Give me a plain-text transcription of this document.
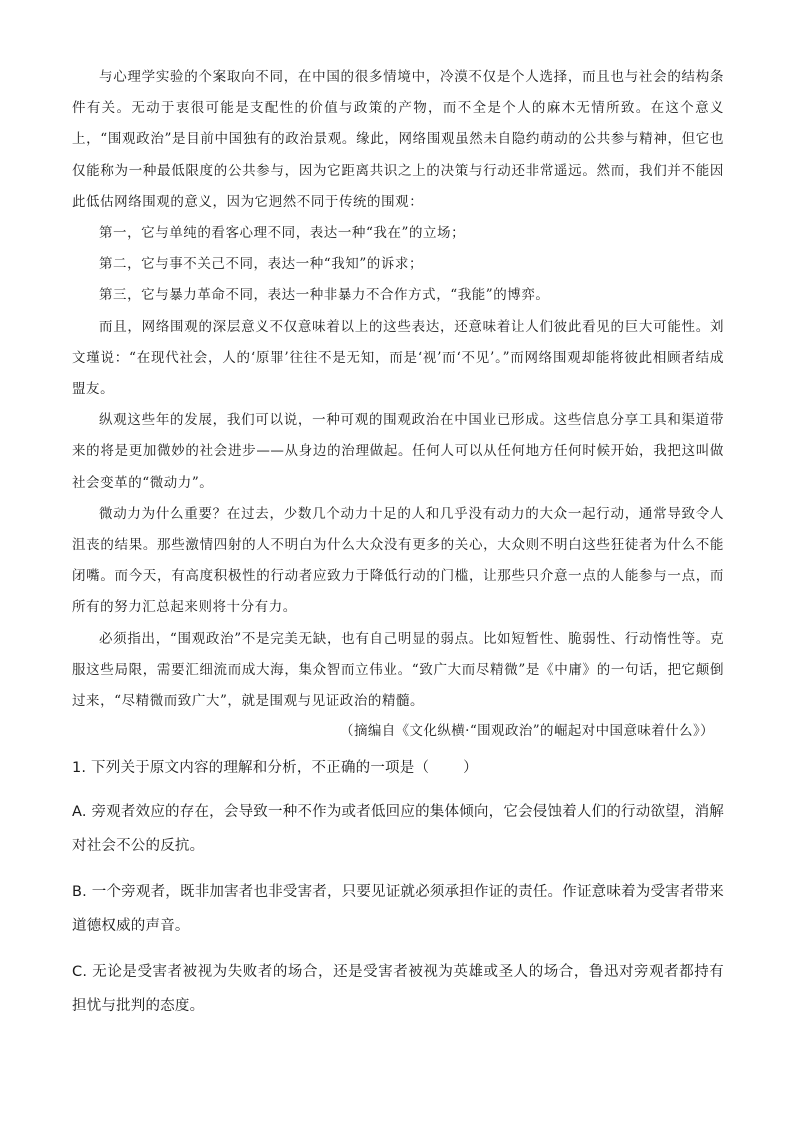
与心理学实验的个案取向不同，在中国的很多情境中，冷漠不仅是个人选择，而且也与社会的结构条件有关。无动于衷很可能是支配性的价值与政策的产物，而不全是个人的麻木无情所致。在这个意义上，“围观政治”是目前中国独有的政治景观。缘此，网络围观虽然未自隐约萌动的公共参与精神，但它也仅能称为一种最低限度的公共参与，因为它距离共识之上的决策与行动还非常遥远。然而，我们并不能因此低估网络围观的意义，因为它迥然不同于传统的围观：

第一，它与单纯的看客心理不同，表达一种“我在”的立场；

第二，它与事不关己不同，表达一种“我知”的诉求；

第三，它与暴力革命不同，表达一种非暴力不合作方式，“我能”的博弈。

而且，网络围观的深层意义不仅意味着以上的这些表达，还意味着让人们彼此看见的巨大可能性。刘文瑾说：“在现代社会，人的‘原罪’往往不是无知，而是‘视’而‘不见’。”而网络围观却能将彼此相顾者结成盟友。

纵观这些年的发展，我们可以说，一种可观的围观政治在中国业已形成。这些信息分享工具和渠道带来的将是更加微妙的社会进步——从身边的治理做起。任何人可以从任何地方任何时候开始，我把这叫做社会变革的“微动力”。

微动力为什么重要？在过去，少数几个动力十足的人和几乎没有动力的大众一起行动，通常导致令人沮丧的结果。那些激情四射的人不明白为什么大众没有更多的关心，大众则不明白这些狂徒者为什么不能闭嘴。而今天，有高度积极性的行动者应致力于降低行动的门槛，让那些只介意一点的人能参与一点，而所有的努力汇总起来则将十分有力。

必须指出，“围观政治”不是完美无缺，也有自己明显的弱点。比如短暂性、脆弱性、行动惰性等。克服这些局限，需要汇细流而成大海，集众智而立伟业。“致广大而尽精微”是《中庸》的一句话，把它颠倒过来，“尽精微而致广大”，就是围观与见证政治的精髓。

（摘编自《文化纵横·“围观政治”的崛起对中国意味着什么》）

1. 下列关于原文内容的理解和分析，不正确的一项是（ ）

A. 旁观者效应的存在，会导致一种不作为或者低回应的集体倾向，它会侵蚀着人们的行动欲望，消解对社会不公的反抗。

B. 一个旁观者，既非加害者也非受害者，只要见证就必须承担作证的责任。作证意味着为受害者带来道德权威的声音。

C. 无论是受害者被视为失败者的场合，还是受害者被视为英雄或圣人的场合，鲁迅对旁观者都持有担忧与批判的态度。
